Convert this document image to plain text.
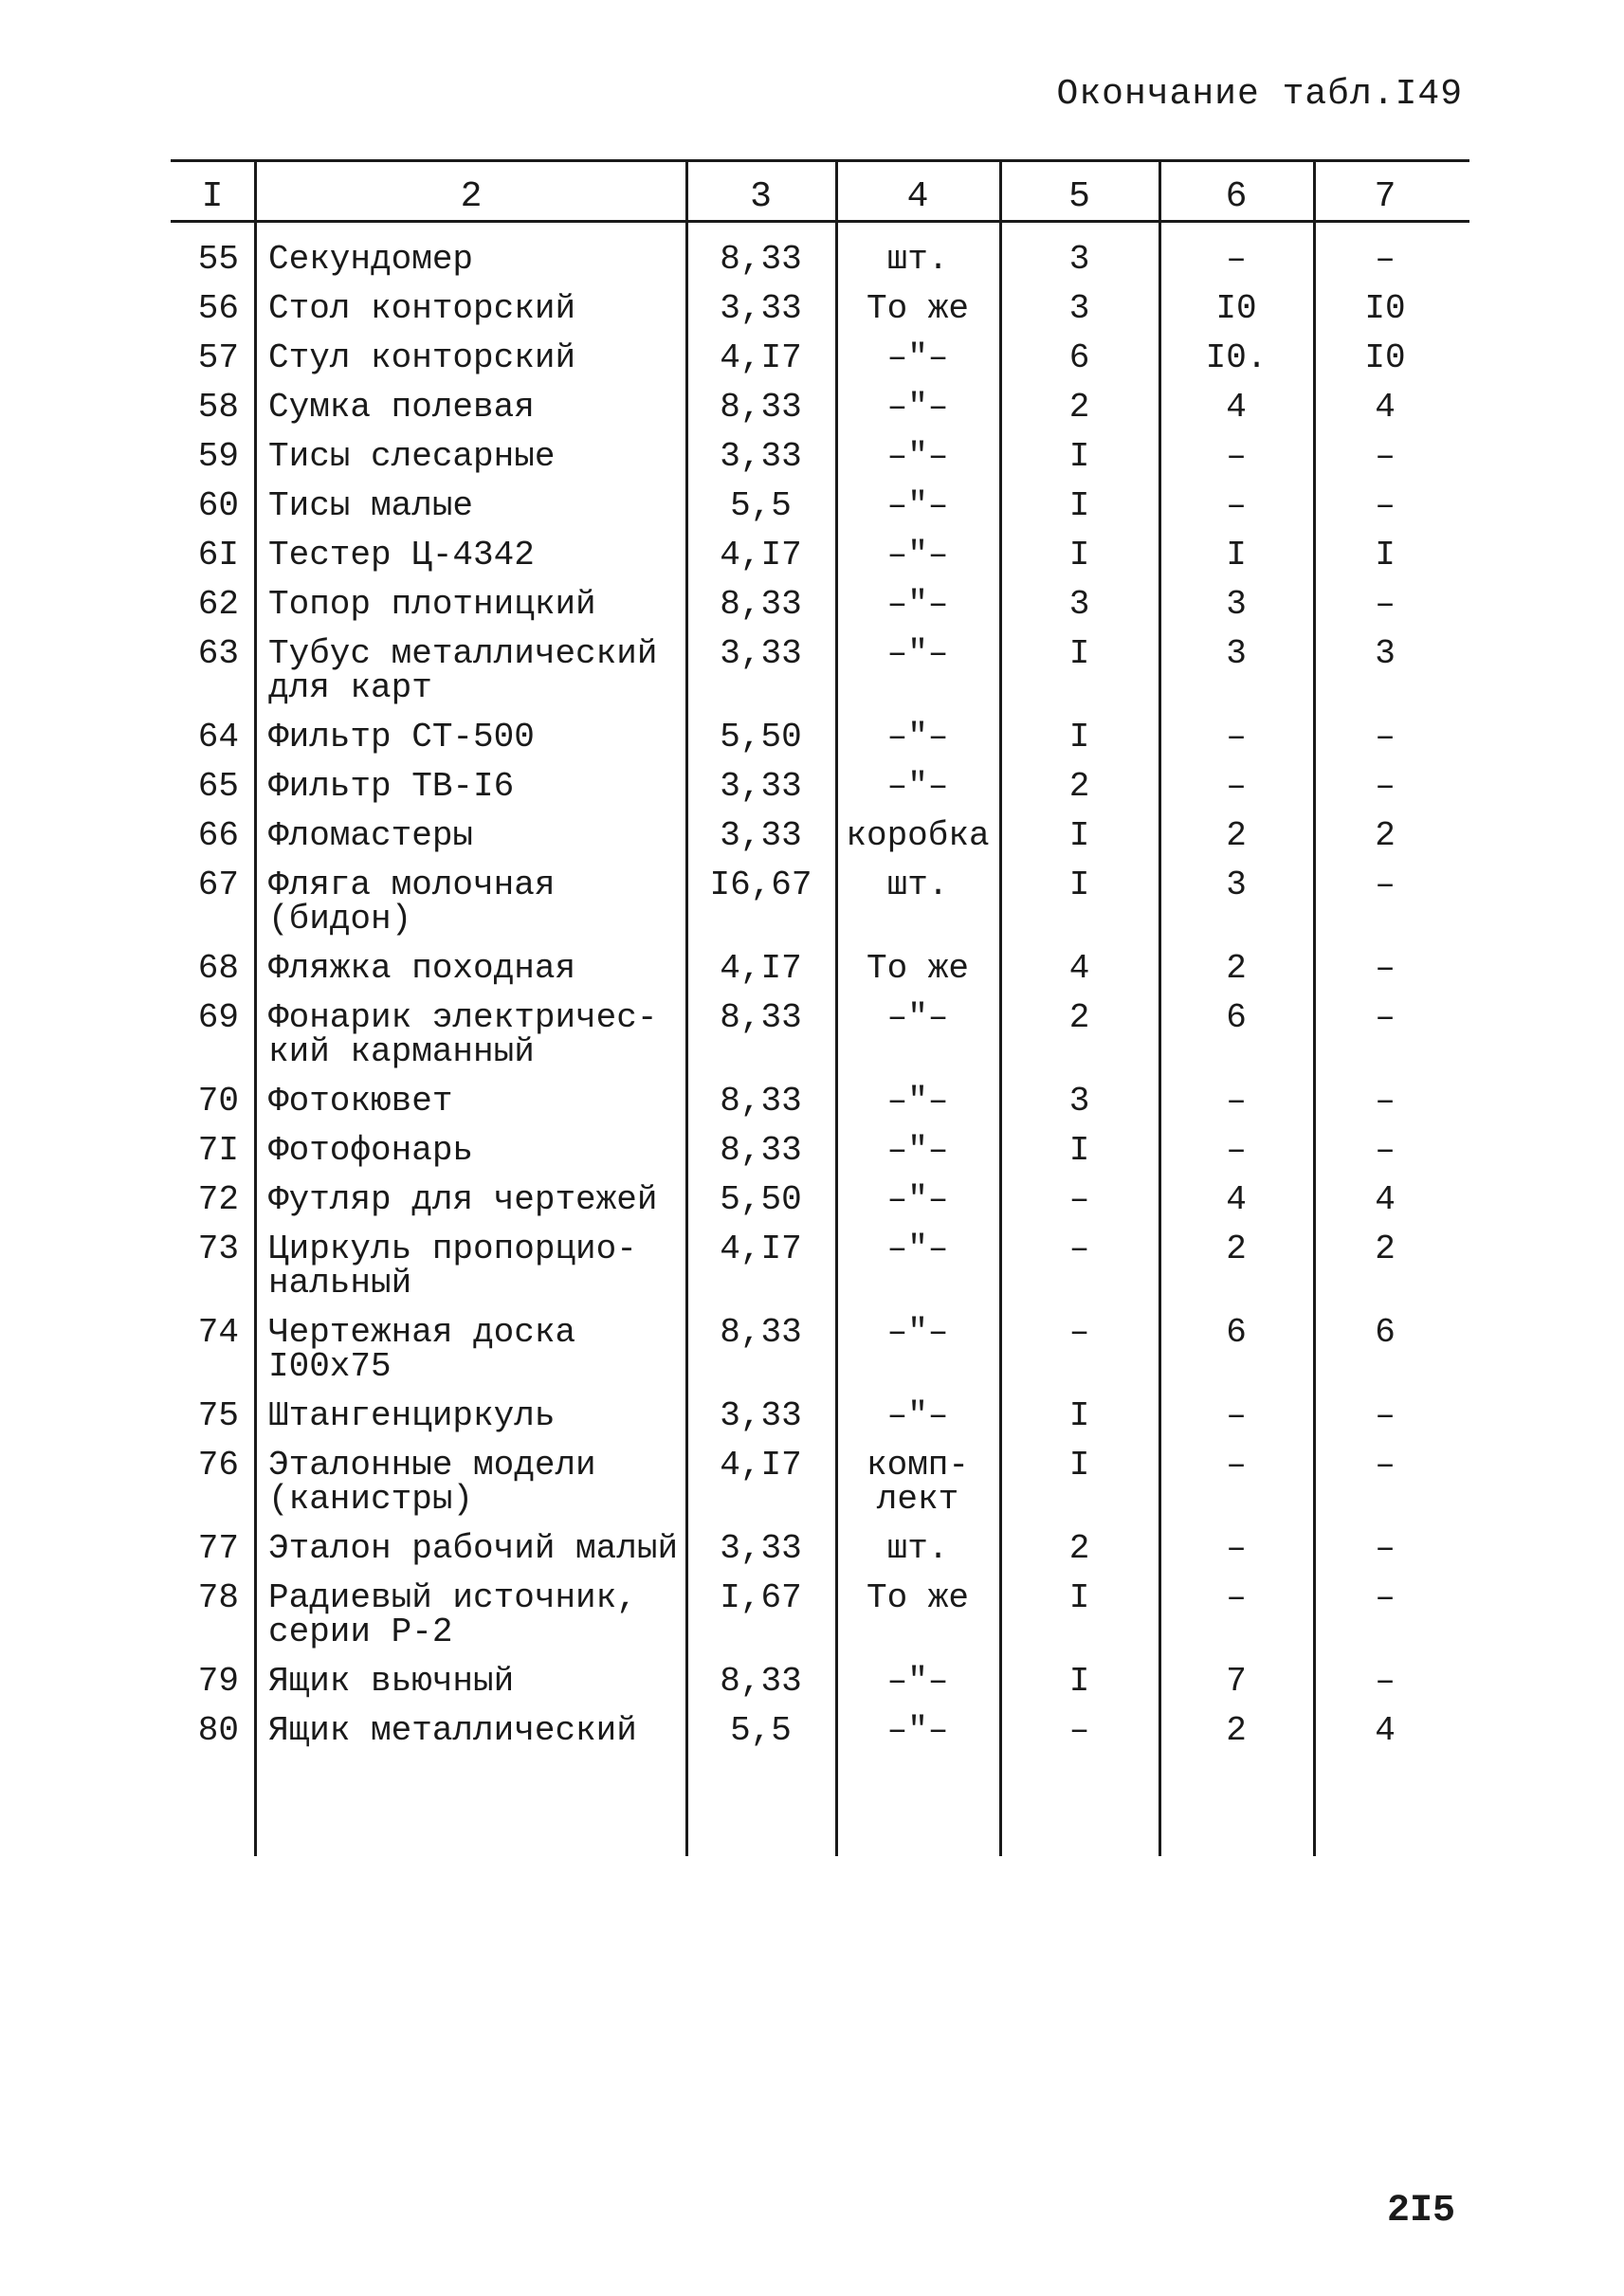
Окончание табл.I49
I	2	3	4	5	6	7
55 Секундомер	8,33	шт.	3	–	–
56 Стол конторский	3,33	То же	3	I0	I0
57 Стул конторский	4,I7	–"–	6	I0.	I0
58 Сумка полевая	8,33	–"–	2	4	4
59 Тисы слесарные	3,33	–"–	I	–	–
60 Тисы малые	5,5	–"–	I	–	–
6I Тестер Ц-4342	4,I7	–"–	I	I	I
62 Топор плотницкий	8,33	–"–	3	3	–
63 Тубус металлический
для карт
3,33	–"–	I	3	3
64 Фильтр СТ-500	5,50	–"–	I	–	–
65 Фильтр ТВ-I6	3,33	–"–	2	–	–
66 Фломастеры	3,33	коробка	I	2	2
67 Фляга молочная
(бидон)
I6,67	шт.	I	3	–
68 Фляжка походная	4,I7	То же	4	2	–
69 Фонарик электричес-
кий карманный
8,33	–"–	2	6	–
70 Фотокювет	8,33	–"–	3	–	–
7I Фотофонарь	8,33	–"–	I	–	–
72 Футляр для чертежей	5,50	–"–	–	4	4
73 Циркуль пропорцио-
нальный
4,I7	–"–	–	2	2
74 Чертежная доска
I00х75
8,33	–"–	–	6	6
75 Штангенциркуль	3,33	–"–	I	–	–
76 Эталонные модели
(канистры)
4,I7	комп-
лект
I	–	–
77 Эталон рабочий малый	3,33	шт.	2	–	–
78 Радиевый источник,
серии Р-2
I,67	То же	I	–	–
79 Ящик вьючный	8,33	–"–	I	7	–
80 Ящик металлический	5,5	–"–	–	2	4
2I5
